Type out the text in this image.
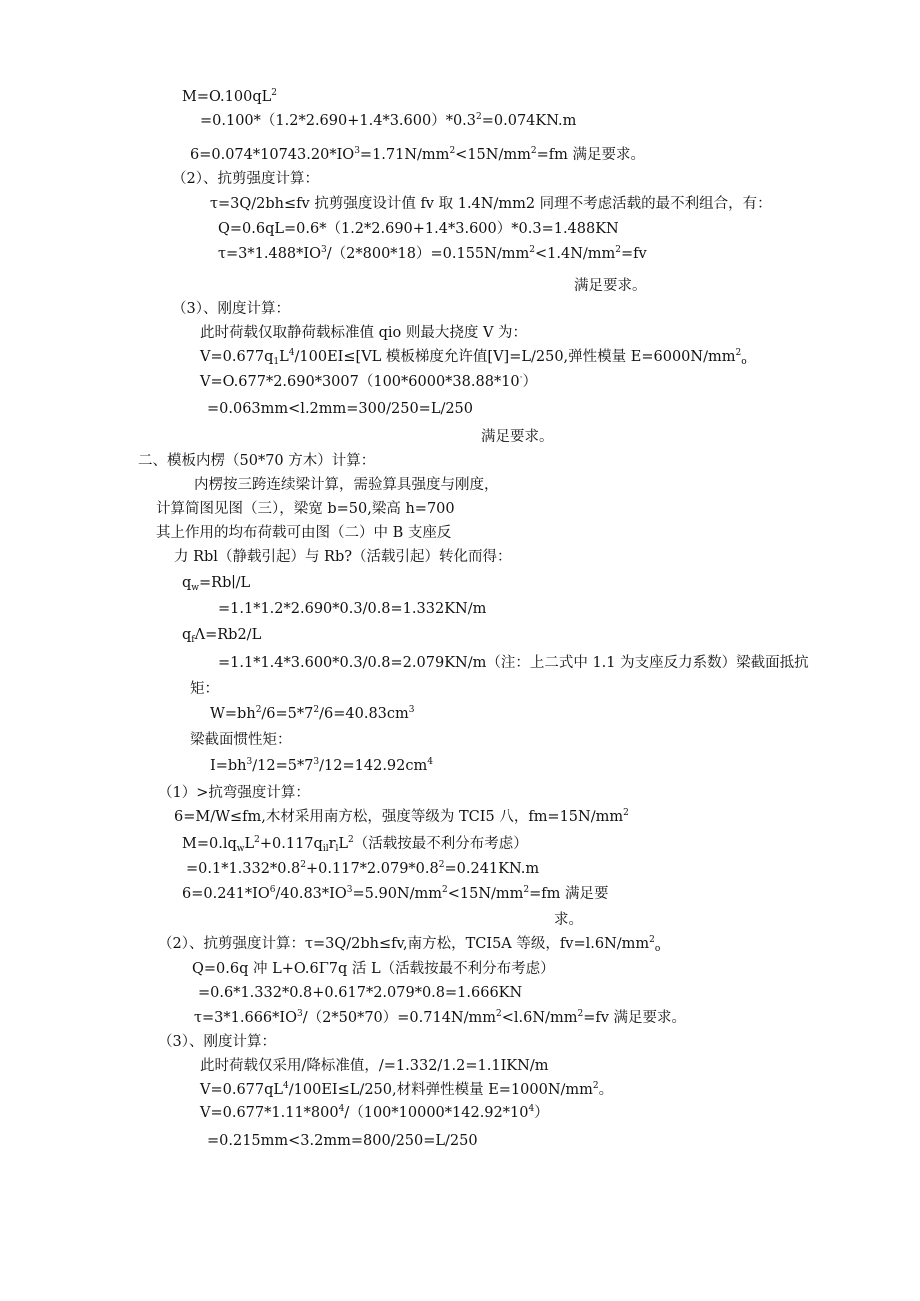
$M=O.100qL^2$
$=0.100*(1.2*2.690+1.4*3.600)*0.3^2=0.074KN.m$
$6=0.074*10743.20*IO^3=1.71N∕mm^2<15N∕mm^2=fm$ 满足要求。
（2）、抗剪强度计算：
τ=3Q∕2bh≤fv 抗剪强度设计值 fv 取 1.4N∕mm2 同理不考虑活载的最不利组合，有：
Q=0.6qL=0.6*（1.2*2.690+1.4*3.600）*0.3=1.488KN
$\tau=3*1.488*IO^3/(2*800*18)=0.155N∕mm^2<1.4N∕mm^2=fv$
满足要求。
（3）、刚度计算：
此时荷载仅取静荷载标准值 qio 则最大挠度 V 为：
$V=0.677q_1L^4∕100EI\le[VL$ 模板梯度允许值[V]=L∕250,弹性模量 $E=6000N∕mm^2_o$
V=O.677*2.690*3007（100*6000*38.88*10·）
=0.063mm<l.2mm=300∕250=L∕250
满足要求。
二、模板内楞（50*70 方木）计算：
内楞按三跨连续梁计算，需验算具强度与刚度，
计算简图见图（三），梁宽 b=50,梁高 h=700
其上作用的均布荷载可由图（二）中 B 支座反
力 Rbl（静载引起）与 Rb?（活载引起）转化而得：
$q_w=Rb∣∕L$
=1.1*1.2*2.690*0.3/0.8=1.332KN∕m
$q_f\Lambda=Rb2∕L$
=1.1*1.4*3.600*0.3∕0.8=2.079KN∕m（注：上二式中 1.1 为支座反力系数）梁截面抵抗
矩：
$W=bh^2∕6=5*7^2∕6=40.83cm^3$
梁截面惯性矩：
$I=bh^3∕12=5*7^3∕12=142.92cm^4$
（1）>抗弯强度计算：
6=M∕W≤fm,木材采用南方松，强度等级为 TCI5 八，$fm=15N∕mm^2$
$M=0.lq_wL^2+0.117q_{il}r_lL^2$（活载按最不利分布考虑）
$=0.1*1.332*0.8^2+0.117*2.079*0.8^2=0.241KN.m$
$6=0.241*IO^6/40.83*IO^3=5.90N∕mm^2<15N∕mm^2=fm$ 满足要
求。
（2）、抗剪强度计算：τ=3Q∕2bh≤fv,南方松，TCI5A 等级，$fv=l.6N∕mm^2_o$
Q=0.6q 冲 L+O.6Γ7q 活 L（活载按最不利分布考虑）
=0.6*1.332*0.8+0.617*2.079*0.8=1.666KN
$\tau=3*1.666*IO^3/(2*50*70)=0.714N∕mm^2<l.6N∕mm^2=fv$ 满足要求。
（3）、刚度计算：
此时荷载仅采用/降标准值，/=1.332/1.2=1.1IKN/m
$V=0.677qL^4∕100EI\le L∕250$,材料弹性模量 $E=1000N∕mm^2$。
$V=0.677*1.11*800^4/(100*10000*142.92*10^4)$
=0.215mm<3.2mm=800∕250=L∕250
